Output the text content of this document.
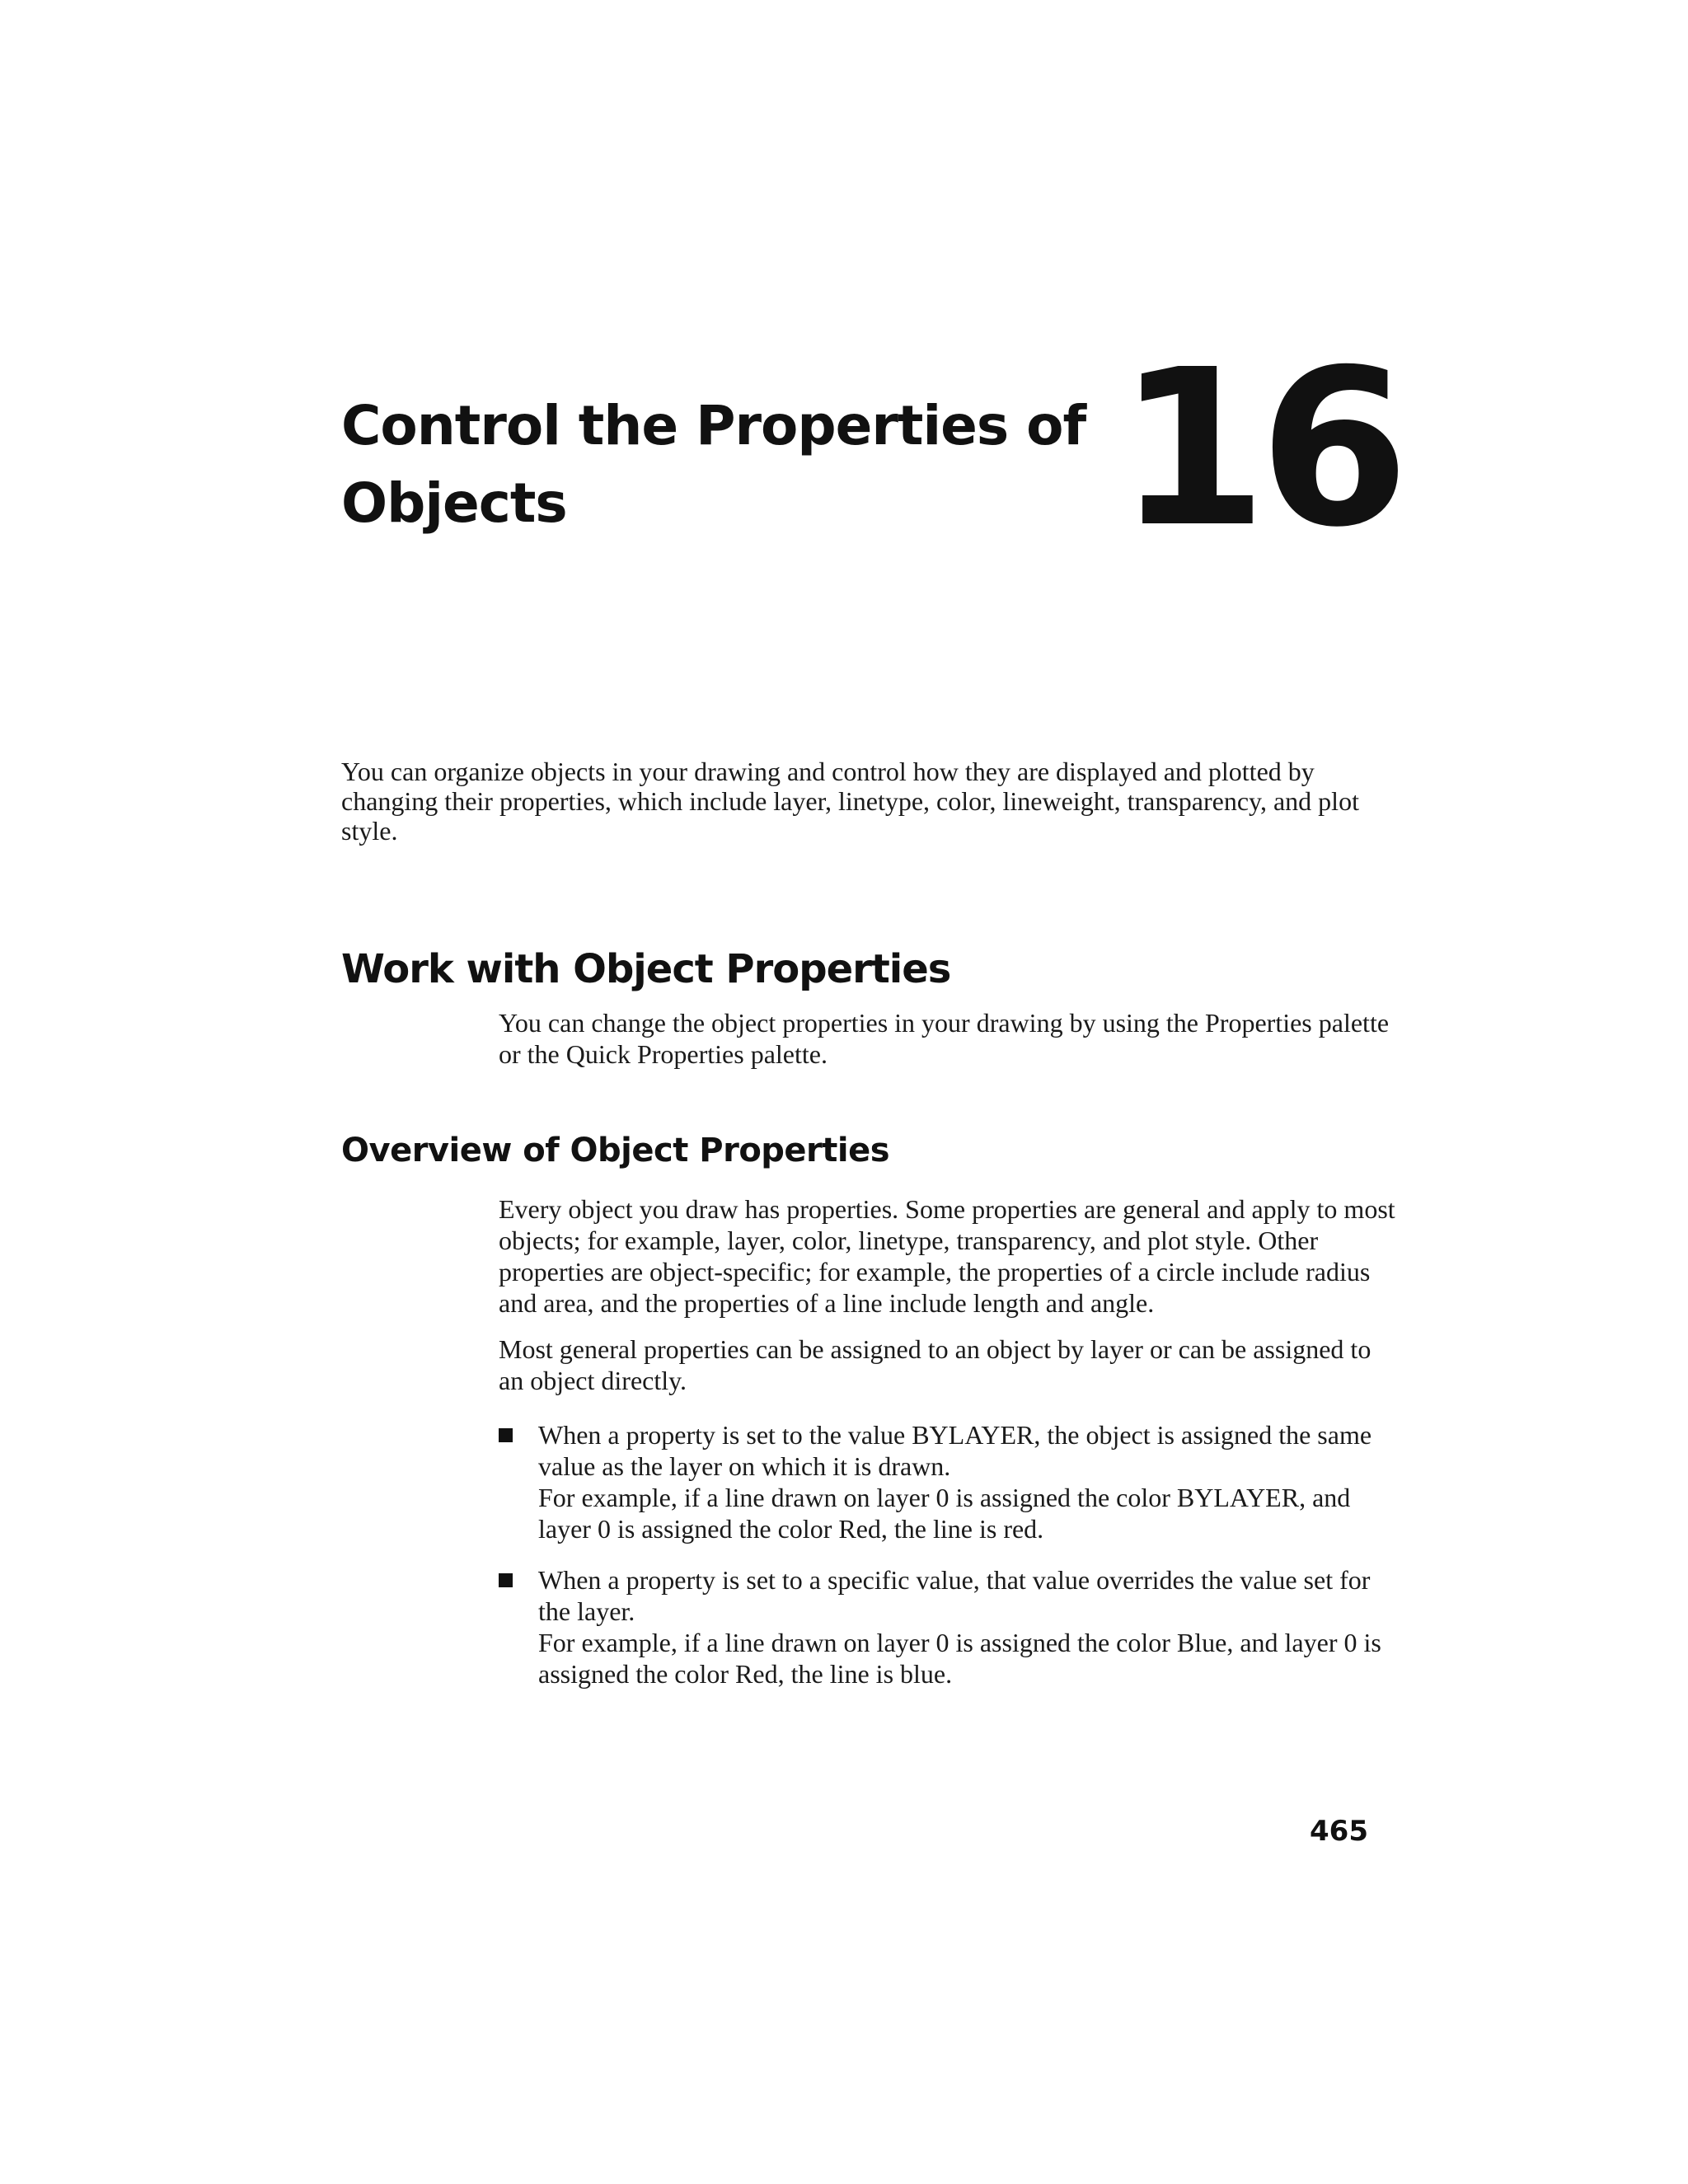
Control the Properties of Objects	16

You can organize objects in your drawing and control how they are displayed and plotted by changing their properties, which include layer, linetype, color, lineweight, transparency, and plot style.

Work with Object Properties

You can change the object properties in your drawing by using the Properties palette or the Quick Properties palette.

Overview of Object Properties

Every object you draw has properties. Some properties are general and apply to most objects; for example, layer, color, linetype, transparency, and plot style. Other properties are object-specific; for example, the properties of a circle include radius and area, and the properties of a line include length and angle.

Most general properties can be assigned to an object by layer or can be assigned to an object directly.

When a property is set to the value BYLAYER, the object is assigned the same value as the layer on which it is drawn.
For example, if a line drawn on layer 0 is assigned the color BYLAYER, and layer 0 is assigned the color Red, the line is red.
When a property is set to a specific value, that value overrides the value set for the layer.
For example, if a line drawn on layer 0 is assigned the color Blue, and layer 0 is assigned the color Red, the line is blue.
465
